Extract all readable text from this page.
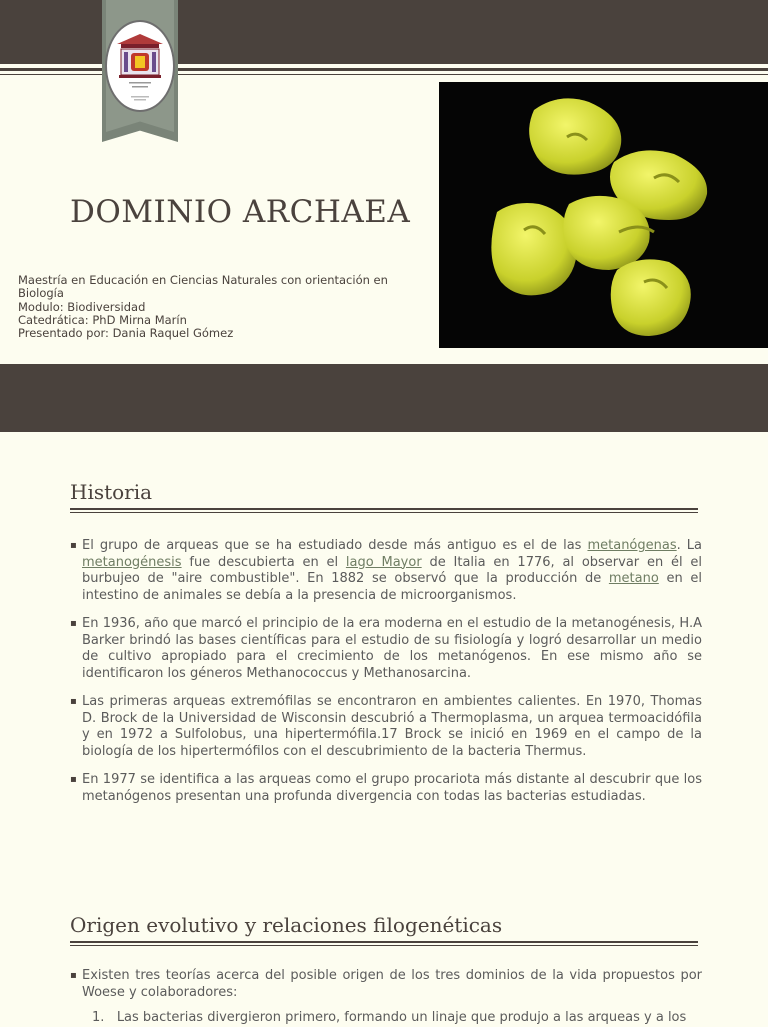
DOMINIO ARCHAEA
Maestría en Educación en Ciencias Naturales con orientación en Biología
Modulo: Biodiversidad
Catedrática: PhD Mirna Marín
Presentado por: Dania Raquel Gómez
Historia
▪ El grupo de arqueas que se ha estudiado desde más antiguo es el de las metanógenas. La metanogénesis fue descubierta en el lago Mayor de Italia en 1776, al observar en él el burbujeo de "aire combustible". En 1882 se observó que la producción de metano en el intestino de animales se debía a la presencia de microorganismos.
▪ En 1936, año que marcó el principio de la era moderna en el estudio de la metanogénesis, H.A Barker brindó las bases científicas para el estudio de su fisiología y logró desarrollar un medio de cultivo apropiado para el crecimiento de los metanógenos. En ese mismo año se identificaron los géneros Methanococcus y Methanosarcina.
▪ Las primeras arqueas extremófilas se encontraron en ambientes calientes. En 1970, Thomas D. Brock de la Universidad de Wisconsin descubrió a Thermoplasma, un arquea termoacidófila y en 1972 a Sulfolobus, una hipertermófila.17 Brock se inició en 1969 en el campo de la biología de los hipertermófilos con el descubrimiento de la bacteria Thermus.
▪ En 1977 se identifica a las arqueas como el grupo procariota más distante al descubrir que los metanógenos presentan una profunda divergencia con todas las bacterias estudiadas.
Origen evolutivo y relaciones filogenéticas
▪ Existen tres teorías acerca del posible origen de los tres dominios de la vida propuestos por Woese y colaboradores:
1. Las bacterias divergieron primero, formando un linaje que produjo a las arqueas y a los
